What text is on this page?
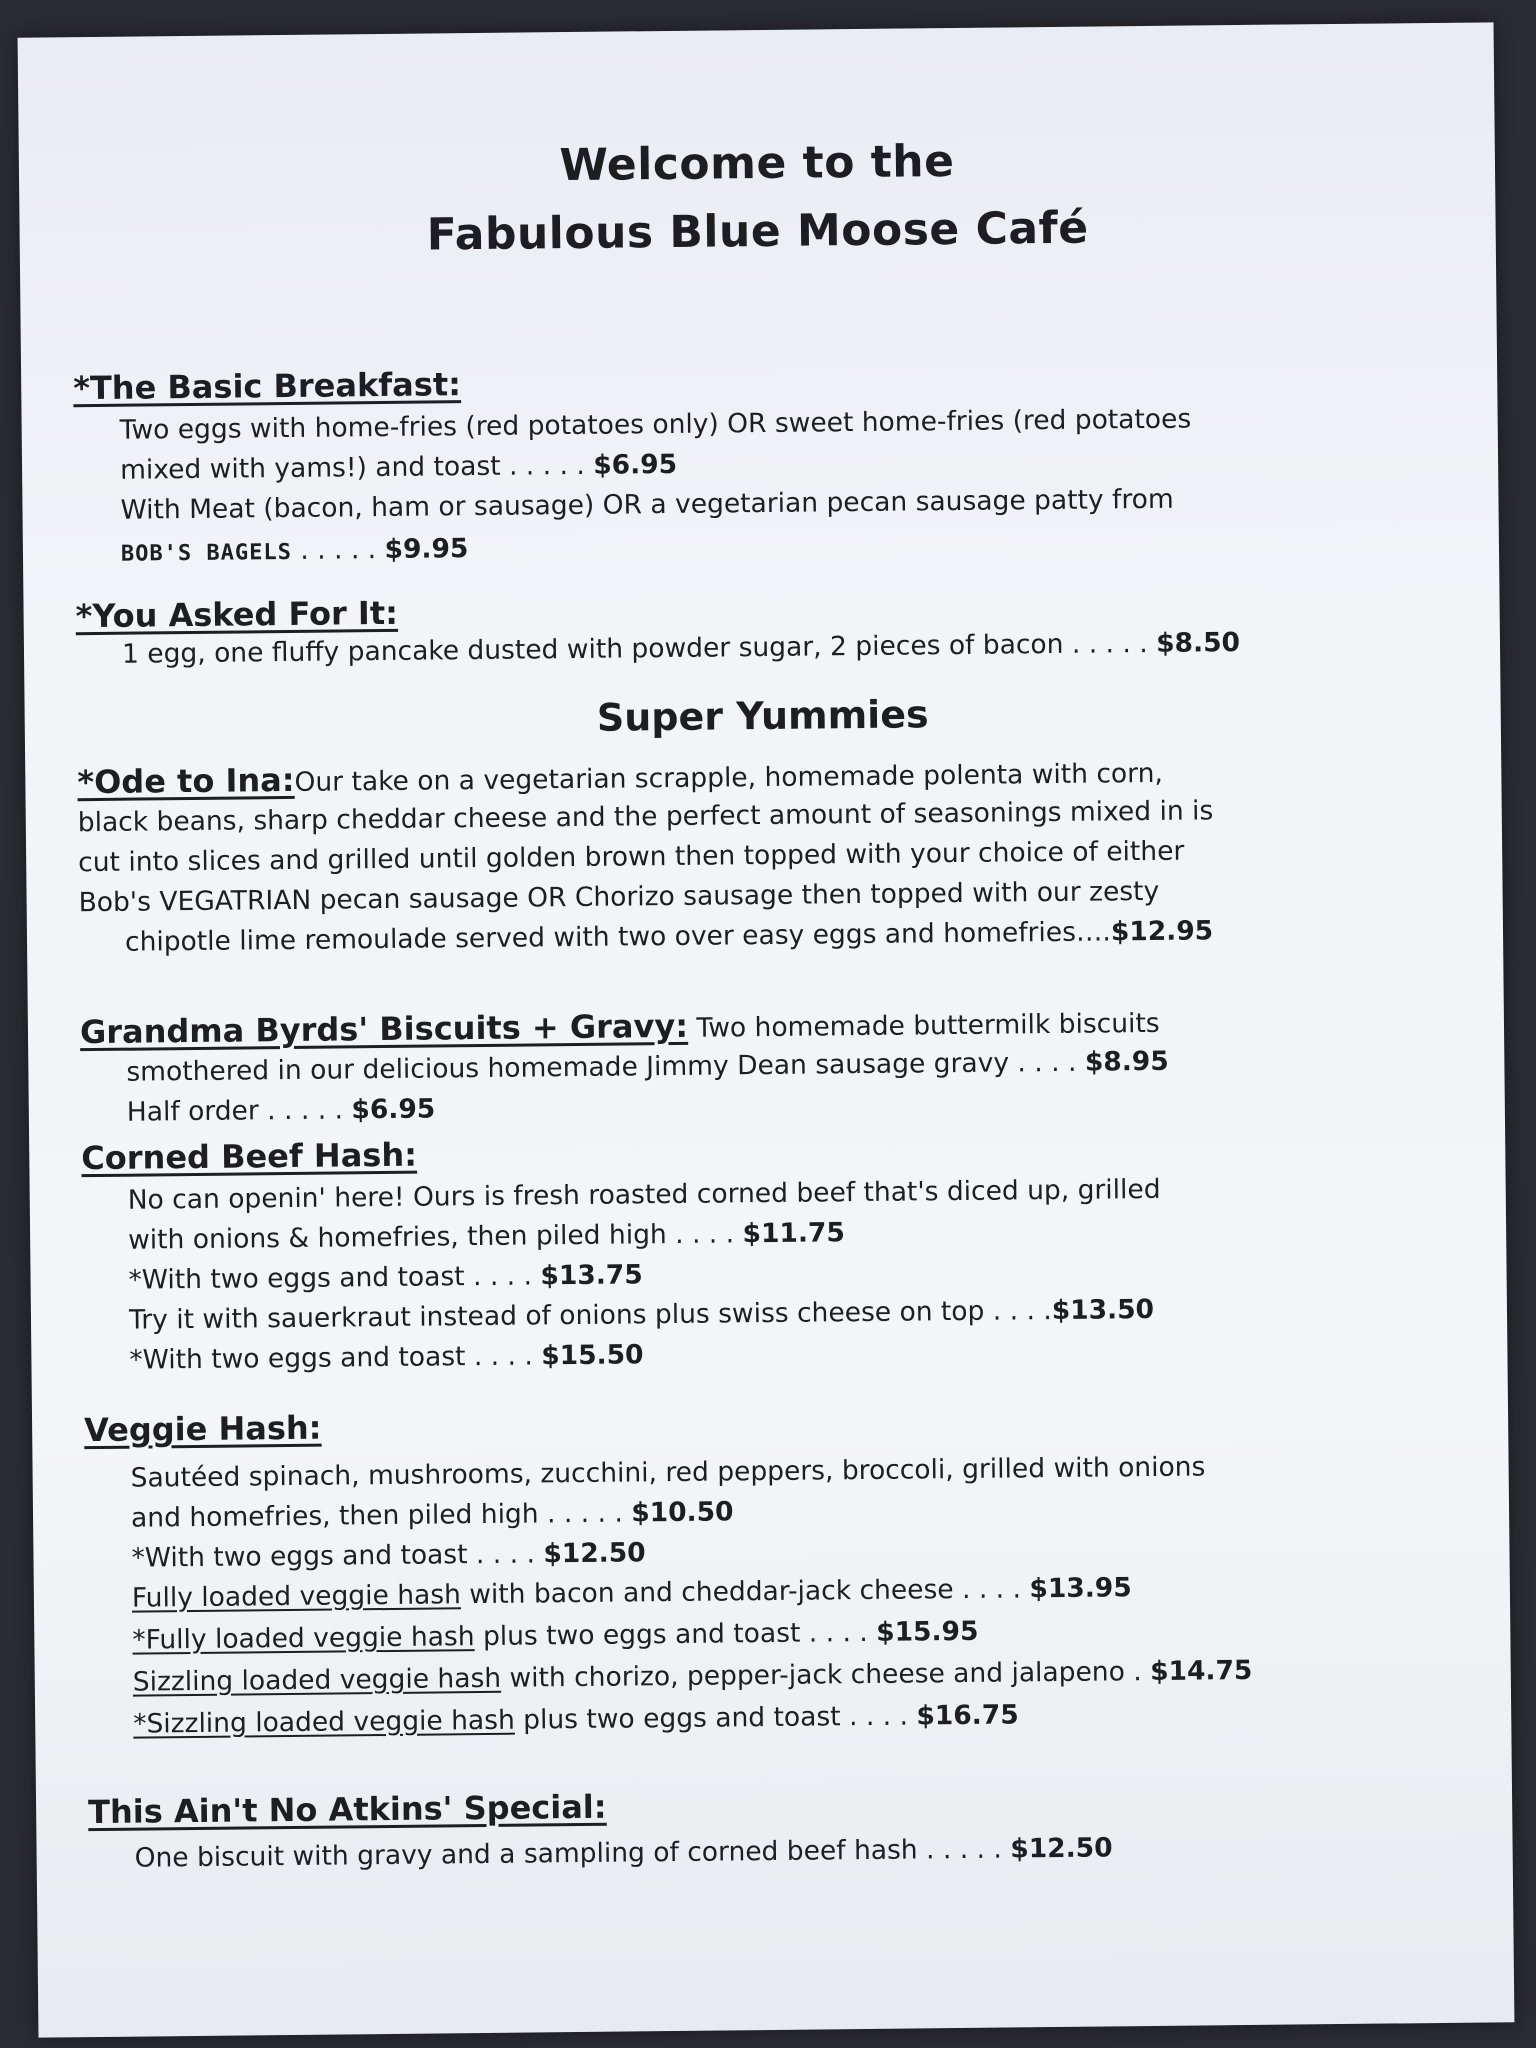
Welcome to the
Fabulous Blue Moose Café
*The Basic Breakfast:
Two eggs with home-fries (red potatoes only) OR sweet home-fries (red potatoes
mixed with yams!) and toast . . . . . $6.95
With Meat (bacon, ham or sausage) OR a vegetarian pecan sausage patty from
BOB'S BAGELS . . . . . $9.95
*You Asked For It:
1 egg, one fluffy pancake dusted with powder sugar, 2 pieces of bacon . . . . . $8.50
Super Yummies
*Ode to Ina:Our take on a vegetarian scrapple, homemade polenta with corn,
black beans, sharp cheddar cheese and the perfect amount of seasonings mixed in is
cut into slices and grilled until golden brown then topped with your choice of either
Bob's VEGATRIAN pecan sausage OR Chorizo sausage then topped with our zesty
chipotle lime remoulade served with two over easy eggs and homefries….$12.95
Grandma Byrds' Biscuits + Gravy: Two homemade buttermilk biscuits
smothered in our delicious homemade Jimmy Dean sausage gravy . . . . $8.95
Half order . . . . . $6.95
Corned Beef Hash:
No can openin' here! Ours is fresh roasted corned beef that's diced up, grilled
with onions & homefries, then piled high . . . . $11.75
*With two eggs and toast . . . . $13.75
Try it with sauerkraut instead of onions plus swiss cheese on top . . . .$13.50
*With two eggs and toast . . . . $15.50
Veggie Hash:
Sautéed spinach, mushrooms, zucchini, red peppers, broccoli, grilled with onions
and homefries, then piled high . . . . . $10.50
*With two eggs and toast . . . . $12.50
Fully loaded veggie hash with bacon and cheddar-jack cheese . . . . $13.95
*Fully loaded veggie hash plus two eggs and toast . . . . $15.95
Sizzling loaded veggie hash with chorizo, pepper-jack cheese and jalapeno . $14.75
*Sizzling loaded veggie hash plus two eggs and toast . . . . $16.75
This Ain't No Atkins' Special:
One biscuit with gravy and a sampling of corned beef hash . . . . . $12.50
